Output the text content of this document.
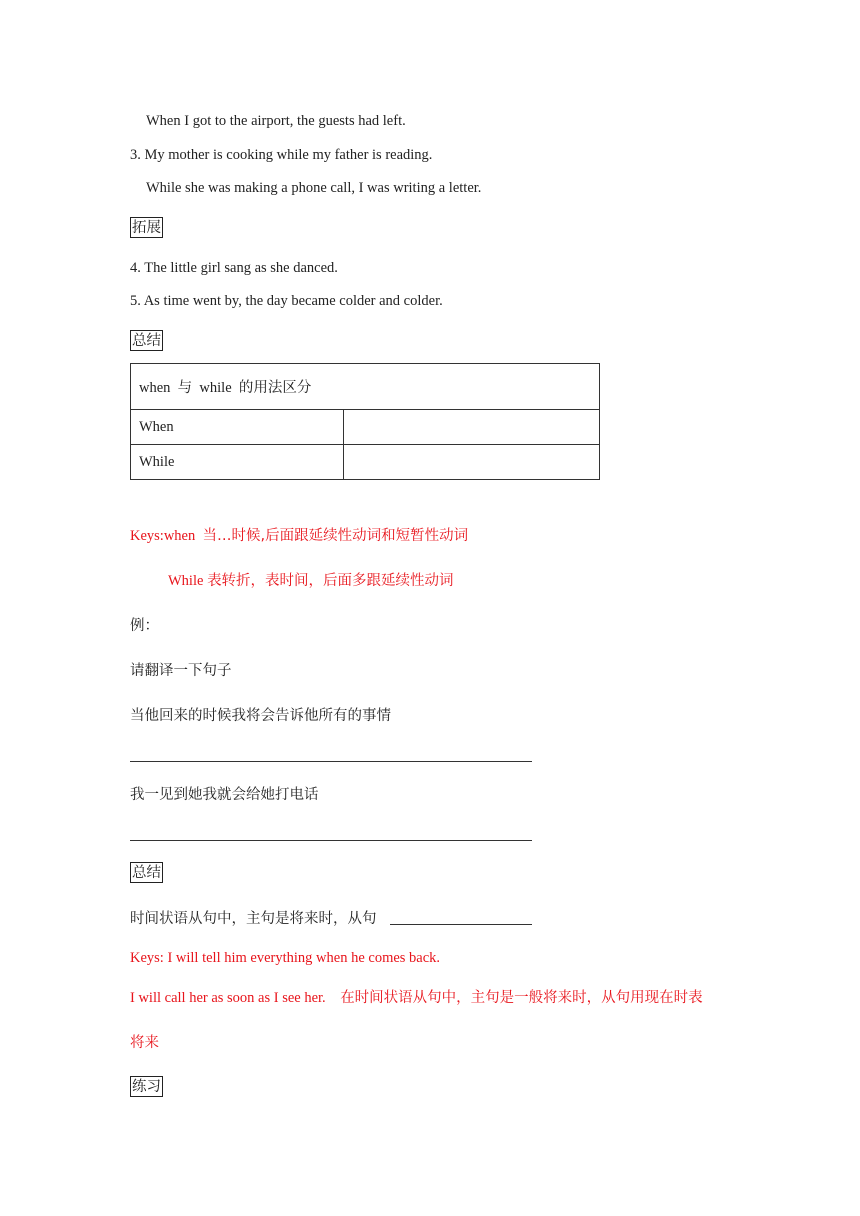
When I got to the airport, the guests had left.
3. My mother is cooking while my father is reading.
While she was making a phone call, I was writing a letter.
拓展
4. The little girl sang as she danced.
5. As time went by, the day became colder and colder.
总结
when 与 while 的用法区分	
When	
While	
Keys:when 当…时候,后面跟延续性动词和短暂性动词
While 表转折，表时间，后面多跟延续性动词
例：
请翻译一下句子
当他回来的时候我将会告诉他所有的事情
我一见到她我就会给她打电话
总结
时间状语从句中，主句是将来时，从句
Keys: I will tell him everything when he comes back.
I will call her as soon as I see her. 在时间状语从句中，主句是一般将来时，从句用现在时表
将来
练习
